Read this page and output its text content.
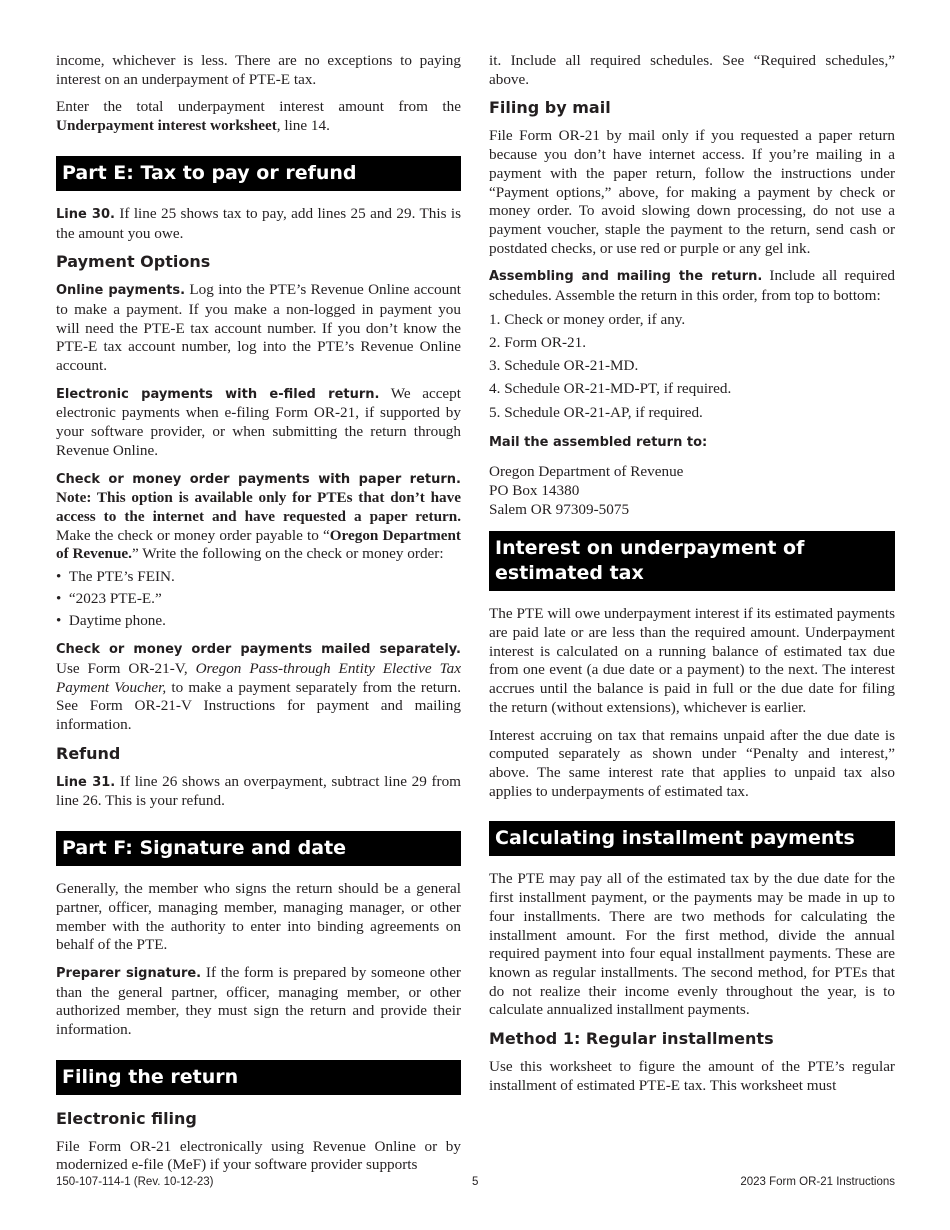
income, whichever is less. There are no exceptions to paying interest on an underpayment of PTE-E tax.

Enter the total underpayment interest amount from the Underpayment interest worksheet, line 14.

Part E: Tax to pay or refund

Line 30. If line 25 shows tax to pay, add lines 25 and 29. This is the amount you owe.

Payment Options

Online payments. Log into the PTE’s Revenue Online account to make a payment. If you make a non-logged in payment you will need the PTE-E tax account number. If you don’t know the PTE-E tax account number, log into the PTE’s Revenue Online account.

Electronic payments with e-filed return. We accept electronic payments when e-filing Form OR-21, if supported by your software provider, or when submitting the return through Revenue Online.

Check or money order payments with paper return. Note: This option is available only for PTEs that don’t have access to the internet and have requested a paper return. Make the check or money order payable to “Oregon Department of Revenue.” Write the following on the check or money order:

•  The PTE’s FEIN.
•  “2023 PTE-E.”
•  Daytime phone.

Check or money order payments mailed separately. Use Form OR-21-V, Oregon Pass-through Entity Elective Tax Payment Voucher, to make a payment separately from the return. See Form OR-21-V Instructions for payment and mailing information.

Refund

Line 31. If line 26 shows an overpayment, subtract line 29 from line 26. This is your refund.

Part F: Signature and date

Generally, the member who signs the return should be a general partner, officer, managing member, managing manager, or other member with the authority to enter into binding agreements on behalf of the PTE.

Preparer signature. If the form is prepared by someone other than the general partner, officer, managing member, or other authorized member, they must sign the return and provide their information.

Filing the return
Electronic filing

File Form OR-21 electronically using Revenue Online or by modernized e-file (MeF) if your software provider supports

it. Include all required schedules. See “Required schedules,” above.

Filing by mail

File Form OR-21 by mail only if you requested a paper return because you don’t have internet access. If you’re mailing in a payment with the paper return, follow the instructions under “Payment options,” above, for making a payment by check or money order. To avoid slowing down processing, do not use a payment voucher, staple the payment to the return, send cash or postdated checks, or use red or purple or any gel ink.

Assembling and mailing the return. Include all required schedules. Assemble the return in this order, from top to bottom:

1. Check or money order, if any.
2. Form OR-21.
3. Schedule OR-21-MD.
4. Schedule OR-21-MD-PT, if required.
5. Schedule OR-21-AP, if required.
Mail the assembled return to:
Oregon Department of Revenue
PO Box 14380
Salem OR 97309-5075
Interest on underpayment of estimated tax

The PTE will owe underpayment interest if its estimated payments are paid late or are less than the required amount. Underpayment interest is calculated on a running balance of estimated tax due from one event (a due date or a payment) to the next. The interest accrues until the balance is paid in full or the due date for filing the return (without extensions), whichever is earlier.

Interest accruing on tax that remains unpaid after the due date is computed separately as shown under “Penalty and interest,” above. The same interest rate that applies to unpaid tax also applies to underpayments of estimated tax.

Calculating installment payments

The PTE may pay all of the estimated tax by the due date for the first installment payment, or the payments may be made in up to four installments. There are two methods for calculating the installment amount. For the first method, divide the annual required payment into four equal installment payments. These are known as regular installments. The second method, for PTEs that do not realize their income evenly throughout the year, is to calculate annualized installment payments.

Method 1: Regular installments

Use this worksheet to figure the amount of the PTE’s regular installment of estimated PTE-E tax. This worksheet must

150-107-114-1 (Rev. 10-12-23)	5	2023 Form OR-21 Instructions
